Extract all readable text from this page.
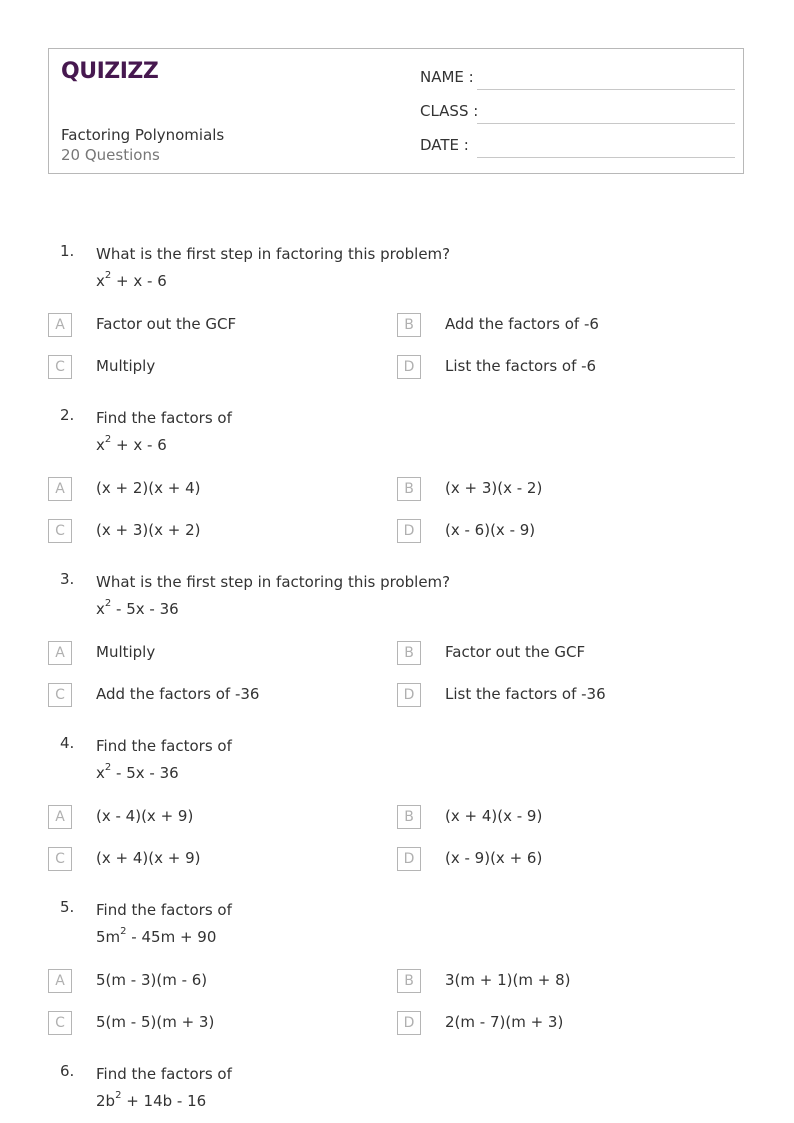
QUIZIZZ
Factoring Polynomials
20 Questions
NAME :
CLASS :
DATE :
1. What is the first step in factoring this problem?
$x^2 + x - 6$
A	Factor out the GCF	B	Add the factors of -6
C	Multiply	D	List the factors of -6
2. Find the factors of
$x^2 + x - 6$
A	(x + 2)(x + 4)	B	(x + 3)(x - 2)
C	(x + 3)(x + 2)	D	(x - 6)(x - 9)
3. What is the first step in factoring this problem?
$x^2 - 5x - 36$
A	Multiply	B	Factor out the GCF
C	Add the factors of -36	D	List the factors of -36
4. Find the factors of
$x^2 - 5x - 36$
A	(x - 4)(x + 9)	B	(x + 4)(x - 9)
C	(x + 4)(x + 9)	D	(x - 9)(x + 6)
5. Find the factors of
$5m^2 - 45m + 90$
A	5(m - 3)(m - 6)	B	3(m + 1)(m + 8)
C	5(m - 5)(m + 3)	D	2(m - 7)(m + 3)
6. Find the factors of
$2b^2 + 14b - 16$
